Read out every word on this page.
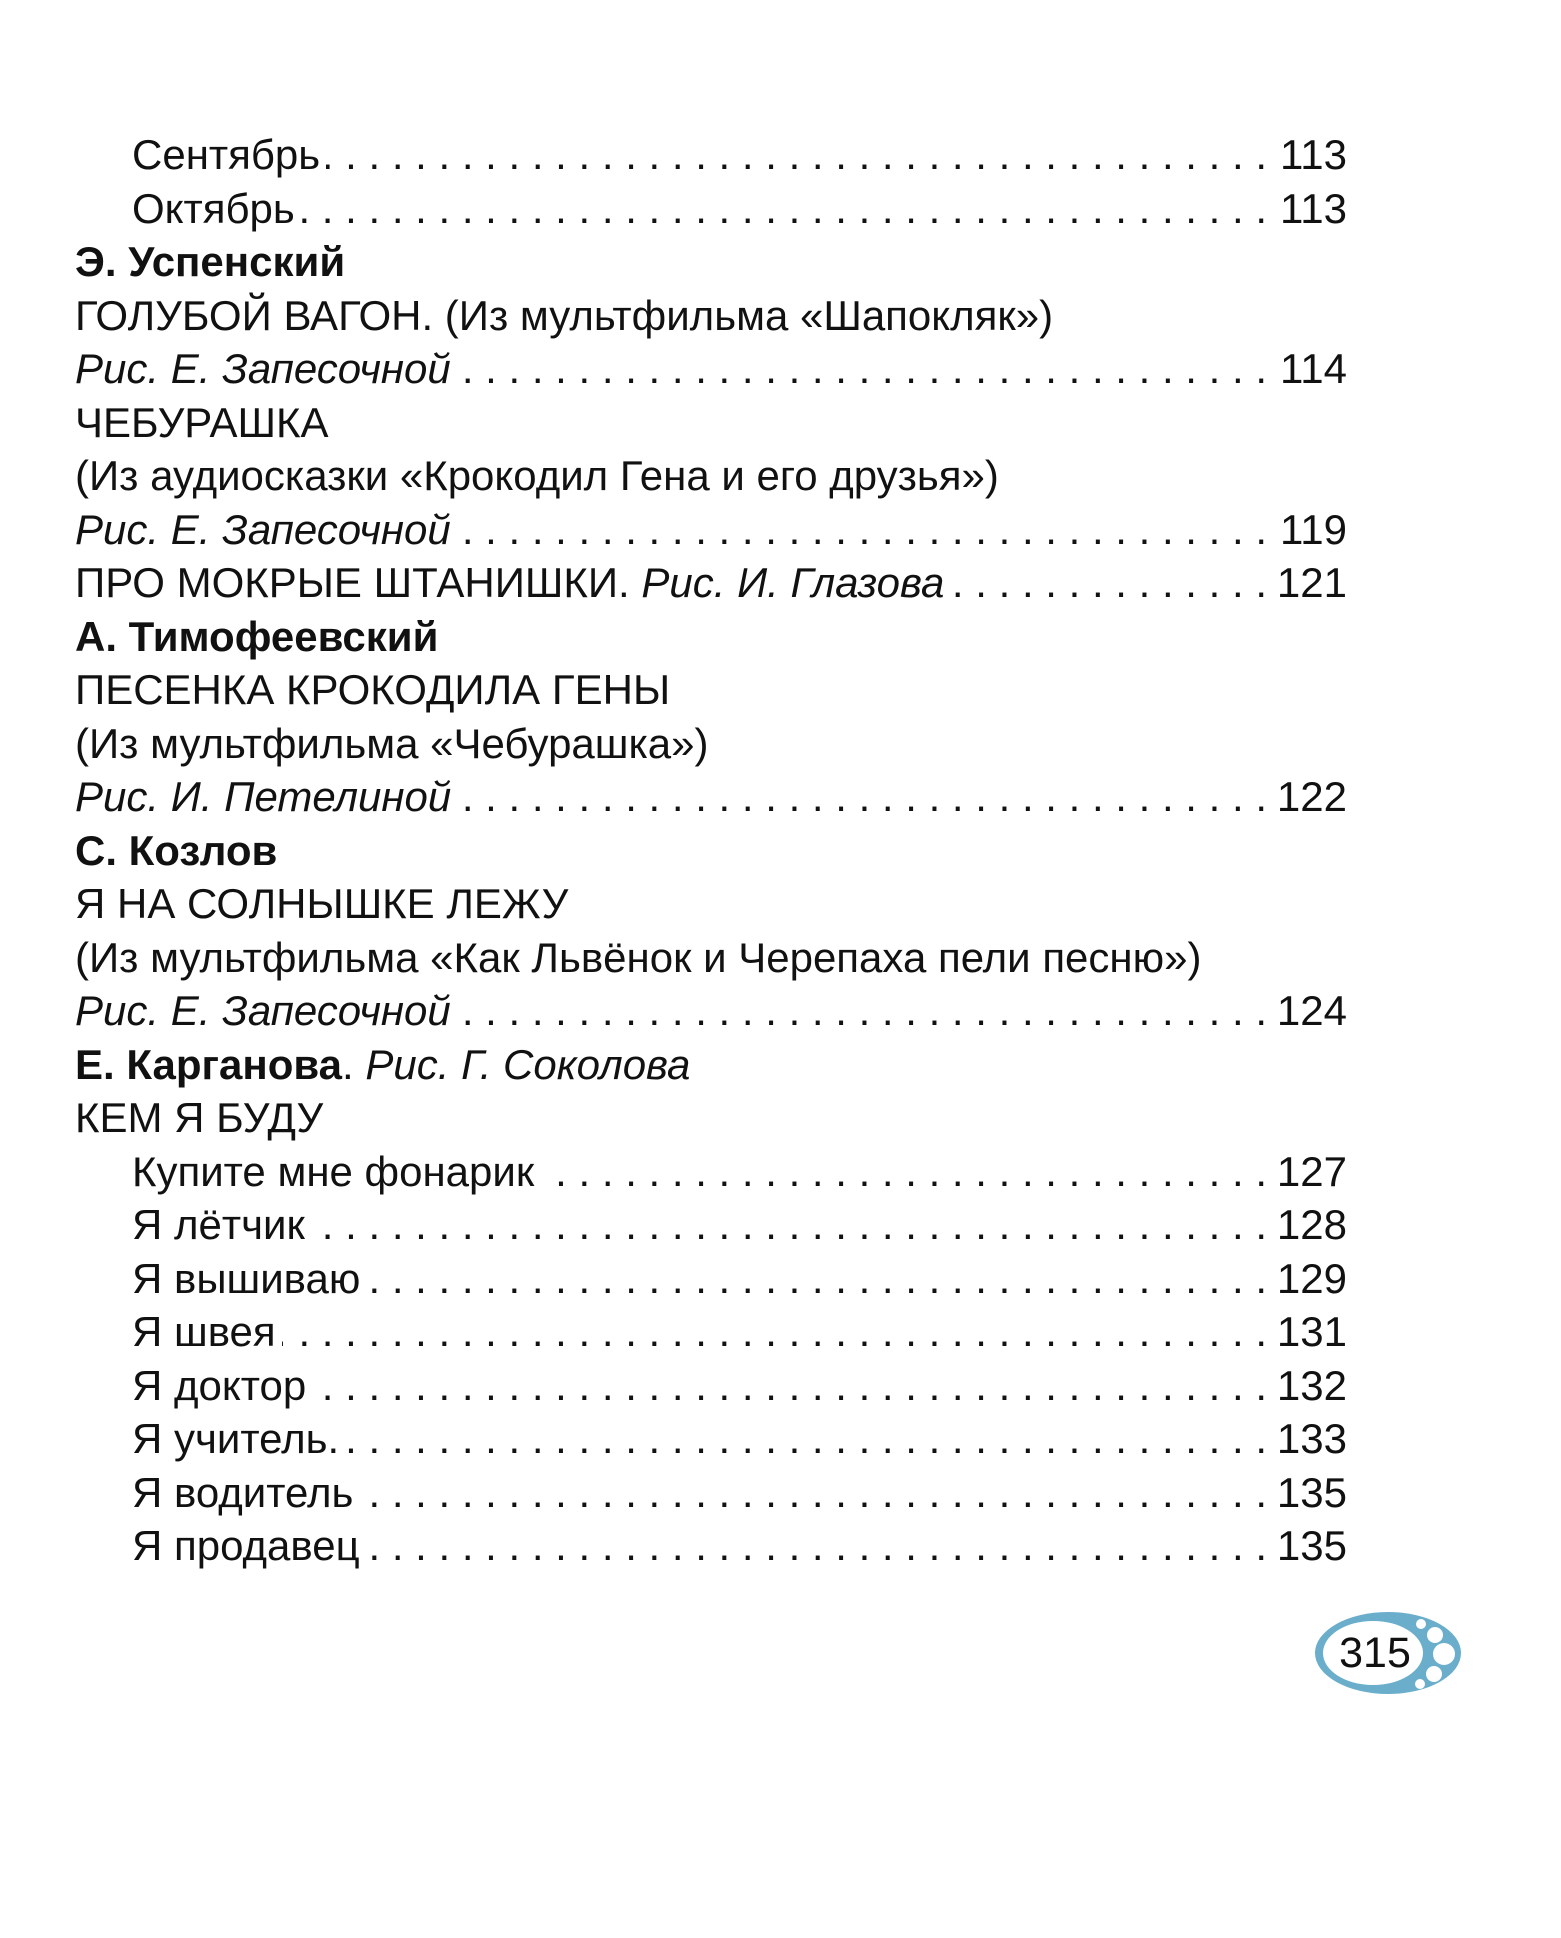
Сентябрь . . .	113
Октябрь . . .	113
Э. Успенский
ГОЛУБОЙ ВАГОН. (Из мультфильма «Шапокляк»)
Рис. Е. Запесочной . . .	114
ЧЕБУРАШКА
(Из аудиосказки «Крокодил Гена и его друзья»)
Рис. Е. Запесочной . . .	119
ПРО МОКРЫЕ ШТАНИШКИ. Рис. И. Глазова . . .	121
А. Тимофеевский
ПЕСЕНКА КРОКОДИЛА ГЕНЫ
(Из мультфильма «Чебурашка»)
Рис. И. Петелиной . . .	122
С. Козлов
Я НА СОЛНЫШКЕ ЛЕЖУ
(Из мультфильма «Как Львёнок и Черепаха пели песню»)
Рис. Е. Запесочной . . .	124
Е. Карганова. Рис. Г. Соколова
КЕМ Я БУДУ
Купите мне фонарик . . .	127
Я лётчик . . .	128
Я вышиваю . . .	129
Я швея . . .	131
Я доктор . . .	132
Я учитель. . . .	133
Я водитель . . .	135
Я продавец . . .	135
315
